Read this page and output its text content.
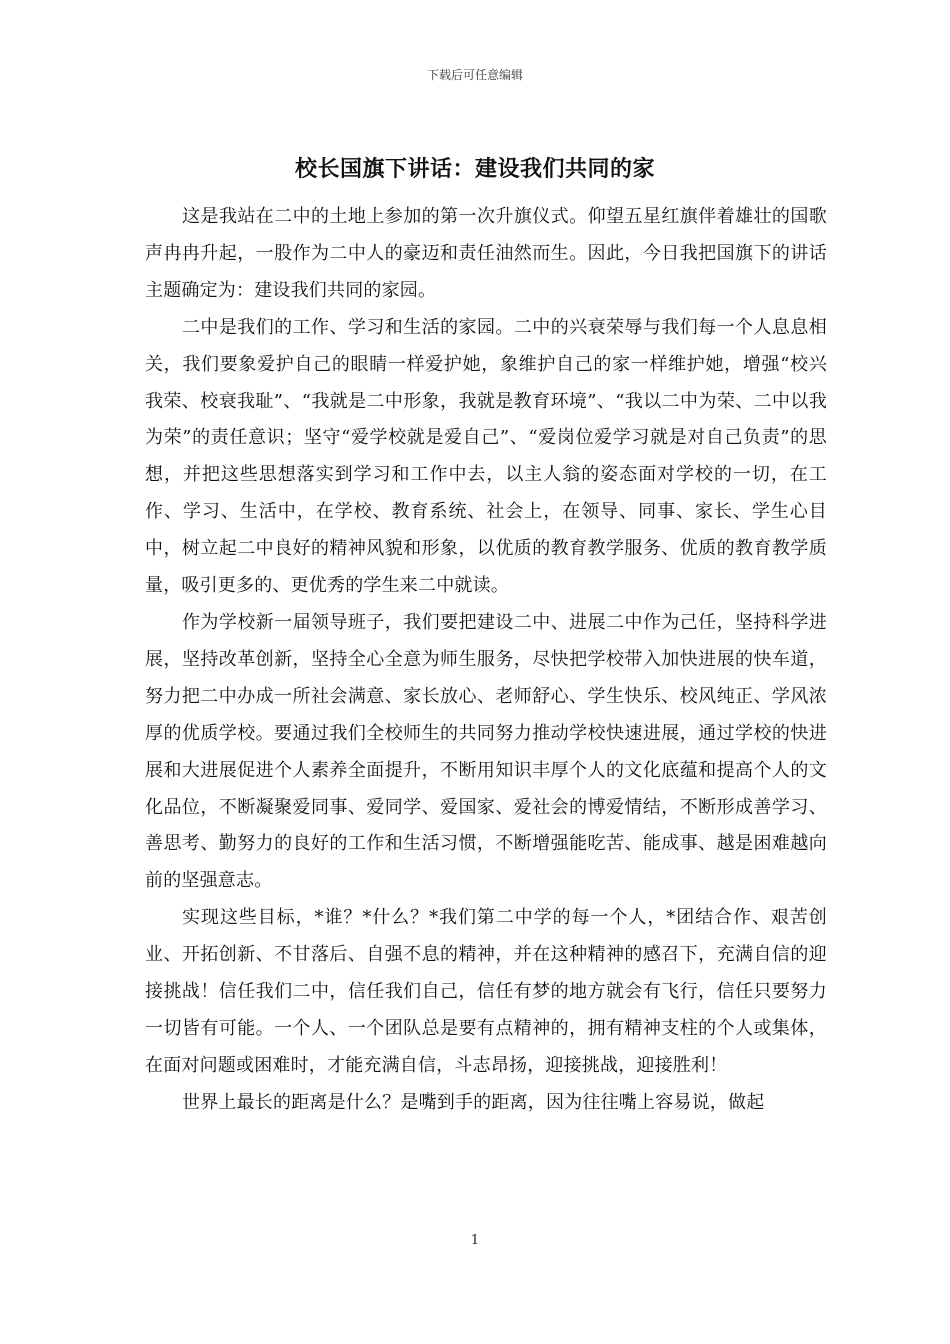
下载后可任意编辑
校长国旗下讲话：建设我们共同的家

这是我站在二中的土地上参加的第一次升旗仪式。仰望五星红旗伴着雄壮的国歌声冉冉升起，一股作为二中人的豪迈和责任油然而生。因此，今日我把国旗下的讲话主题确定为：建设我们共同的家园。

二中是我们的工作、学习和生活的家园。二中的兴衰荣辱与我们每一个人息息相关，我们要象爱护自己的眼睛一样爱护她，象维护自己的家一样维护她，增强“校兴我荣、校衰我耻”、“我就是二中形象，我就是教育环境”、“我以二中为荣、二中以我为荣”的责任意识；坚守“爱学校就是爱自己”、“爱岗位爱学习就是对自己负责”的思想，并把这些思想落实到学习和工作中去，以主人翁的姿态面对学校的一切，在工作、学习、生活中，在学校、教育系统、社会上，在领导、同事、家长、学生心目中，树立起二中良好的精神风貌和形象，以优质的教育教学服务、优质的教育教学质量，吸引更多的、更优秀的学生来二中就读。

作为学校新一届领导班子，我们要把建设二中、进展二中作为己任，坚持科学进展，坚持改革创新，坚持全心全意为师生服务，尽快把学校带入加快进展的快车道，努力把二中办成一所社会满意、家长放心、老师舒心、学生快乐、校风纯正、学风浓厚的优质学校。要通过我们全校师生的共同努力推动学校快速进展，通过学校的快进展和大进展促进个人素养全面提升，不断用知识丰厚个人的文化底蕴和提高个人的文化品位，不断凝聚爱同事、爱同学、爱国家、爱社会的博爱情结，不断形成善学习、善思考、勤努力的良好的工作和生活习惯，不断增强能吃苦、能成事、越是困难越向前的坚强意志。

实现这些目标，*谁？*什么？*我们第二中学的每一个人，*团结合作、艰苦创业、开拓创新、不甘落后、自强不息的精神，并在这种精神的感召下，充满自信的迎接挑战！信任我们二中，信任我们自己，信任有梦的地方就会有飞行，信任只要努力一切皆有可能。一个人、一个团队总是要有点精神的，拥有精神支柱的个人或集体，在面对问题或困难时，才能充满自信，斗志昂扬，迎接挑战，迎接胜利！

世界上最长的距离是什么？是嘴到手的距离，因为往往嘴上容易说，做起

1
